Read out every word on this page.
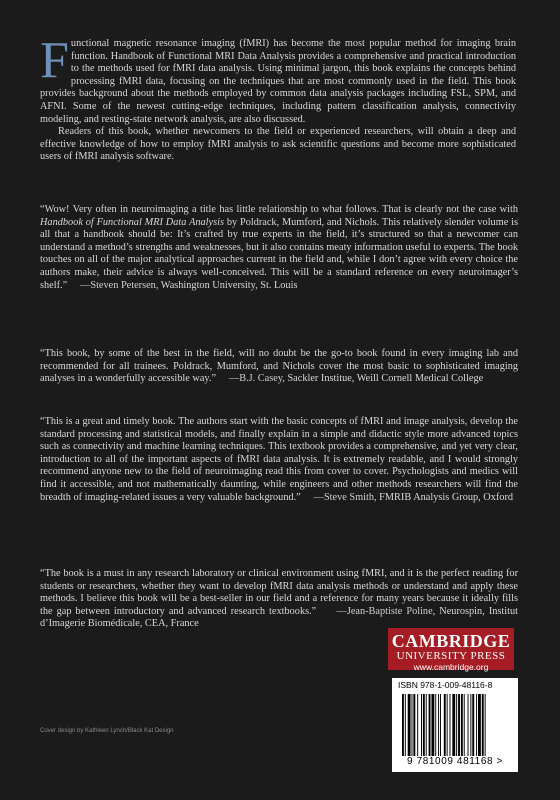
F unctional magnetic resonance imaging (fMRI) has become the most popular method for imaging brain function. Handbook of Functional MRI Data Analysis provides a comprehensive and practical introduction to the methods used for fMRI data analysis. Using minimal jargon, this book explains the concepts behind processing fMRI data, focusing on the techniques that are most commonly used in the field. This book provides background about the methods employed by common data analysis packages including FSL, SPM, and AFNI. Some of the newest cutting-edge techniques, including pattern classification analysis, connectivity modeling, and resting-state network analysis, are also discussed.

Readers of this book, whether newcomers to the field or experienced researchers, will obtain a deep and effective knowledge of how to employ fMRI analysis to ask scientific questions and become more sophisticated users of fMRI analysis software.

“Wow! Very often in neuroimaging a title has little relationship to what follows. That is clearly not the case with Handbook of Functional MRI Data Analysis by Poldrack, Mumford, and Nichols. This relatively slender volume is all that a handbook should be: It’s crafted by true experts in the field, it’s structured so that a newcomer can understand a method’s strengths and weaknesses, but it also contains meaty information useful to experts. The book touches on all of the major analytical approaches current in the field and, while I don’t agree with every choice the authors make, their advice is always well-conceived. This will be a standard reference on every neuroimager’s shelf.” —Steven Petersen, Washington University, St. Louis

“This book, by some of the best in the field, will no doubt be the go-to book found in every imaging lab and recommended for all trainees. Poldrack, Mumford, and Nichols cover the most basic to sophisticated imaging analyses in a wonderfully accessible way.” —B.J. Casey, Sackler Institue, Weill Cornell Medical College

“This is a great and timely book. The authors start with the basic concepts of fMRI and image analysis, develop the standard processing and statistical models, and finally explain in a simple and didactic style more advanced topics such as connectivity and machine learning techniques. This textbook provides a comprehensive, and yet very clear, introduction to all of the important aspects of fMRI data analysis. It is extremely readable, and I would strongly recommend anyone new to the field of neuroimaging read this from cover to cover. Psychologists and medics will find it accessible, and not mathematically daunting, while engineers and other methods researchers will find the breadth of imaging-related issues a very valuable background.” —Steve Smith, FMRIB Analysis Group, Oxford

“The book is a must in any research laboratory or clinical environment using fMRI, and it is the perfect reading for students or researchers, whether they want to develop fMRI data analysis methods or understand and apply these methods. I believe this book will be a best-seller in our field and a reference for many years because it ideally fills the gap between introductory and advanced research textbooks.” —Jean-Baptiste Poline, Neurospin, Institut d’Imagerie Biomédicale, CEA, France

CAMBRIDGE
UNIVERSITY PRESS
www.cambridge.org
ISBN 978-1-009-48116-8
9 781009 481168 >
Cover design by Kathleen Lynch/Black Kat Design
